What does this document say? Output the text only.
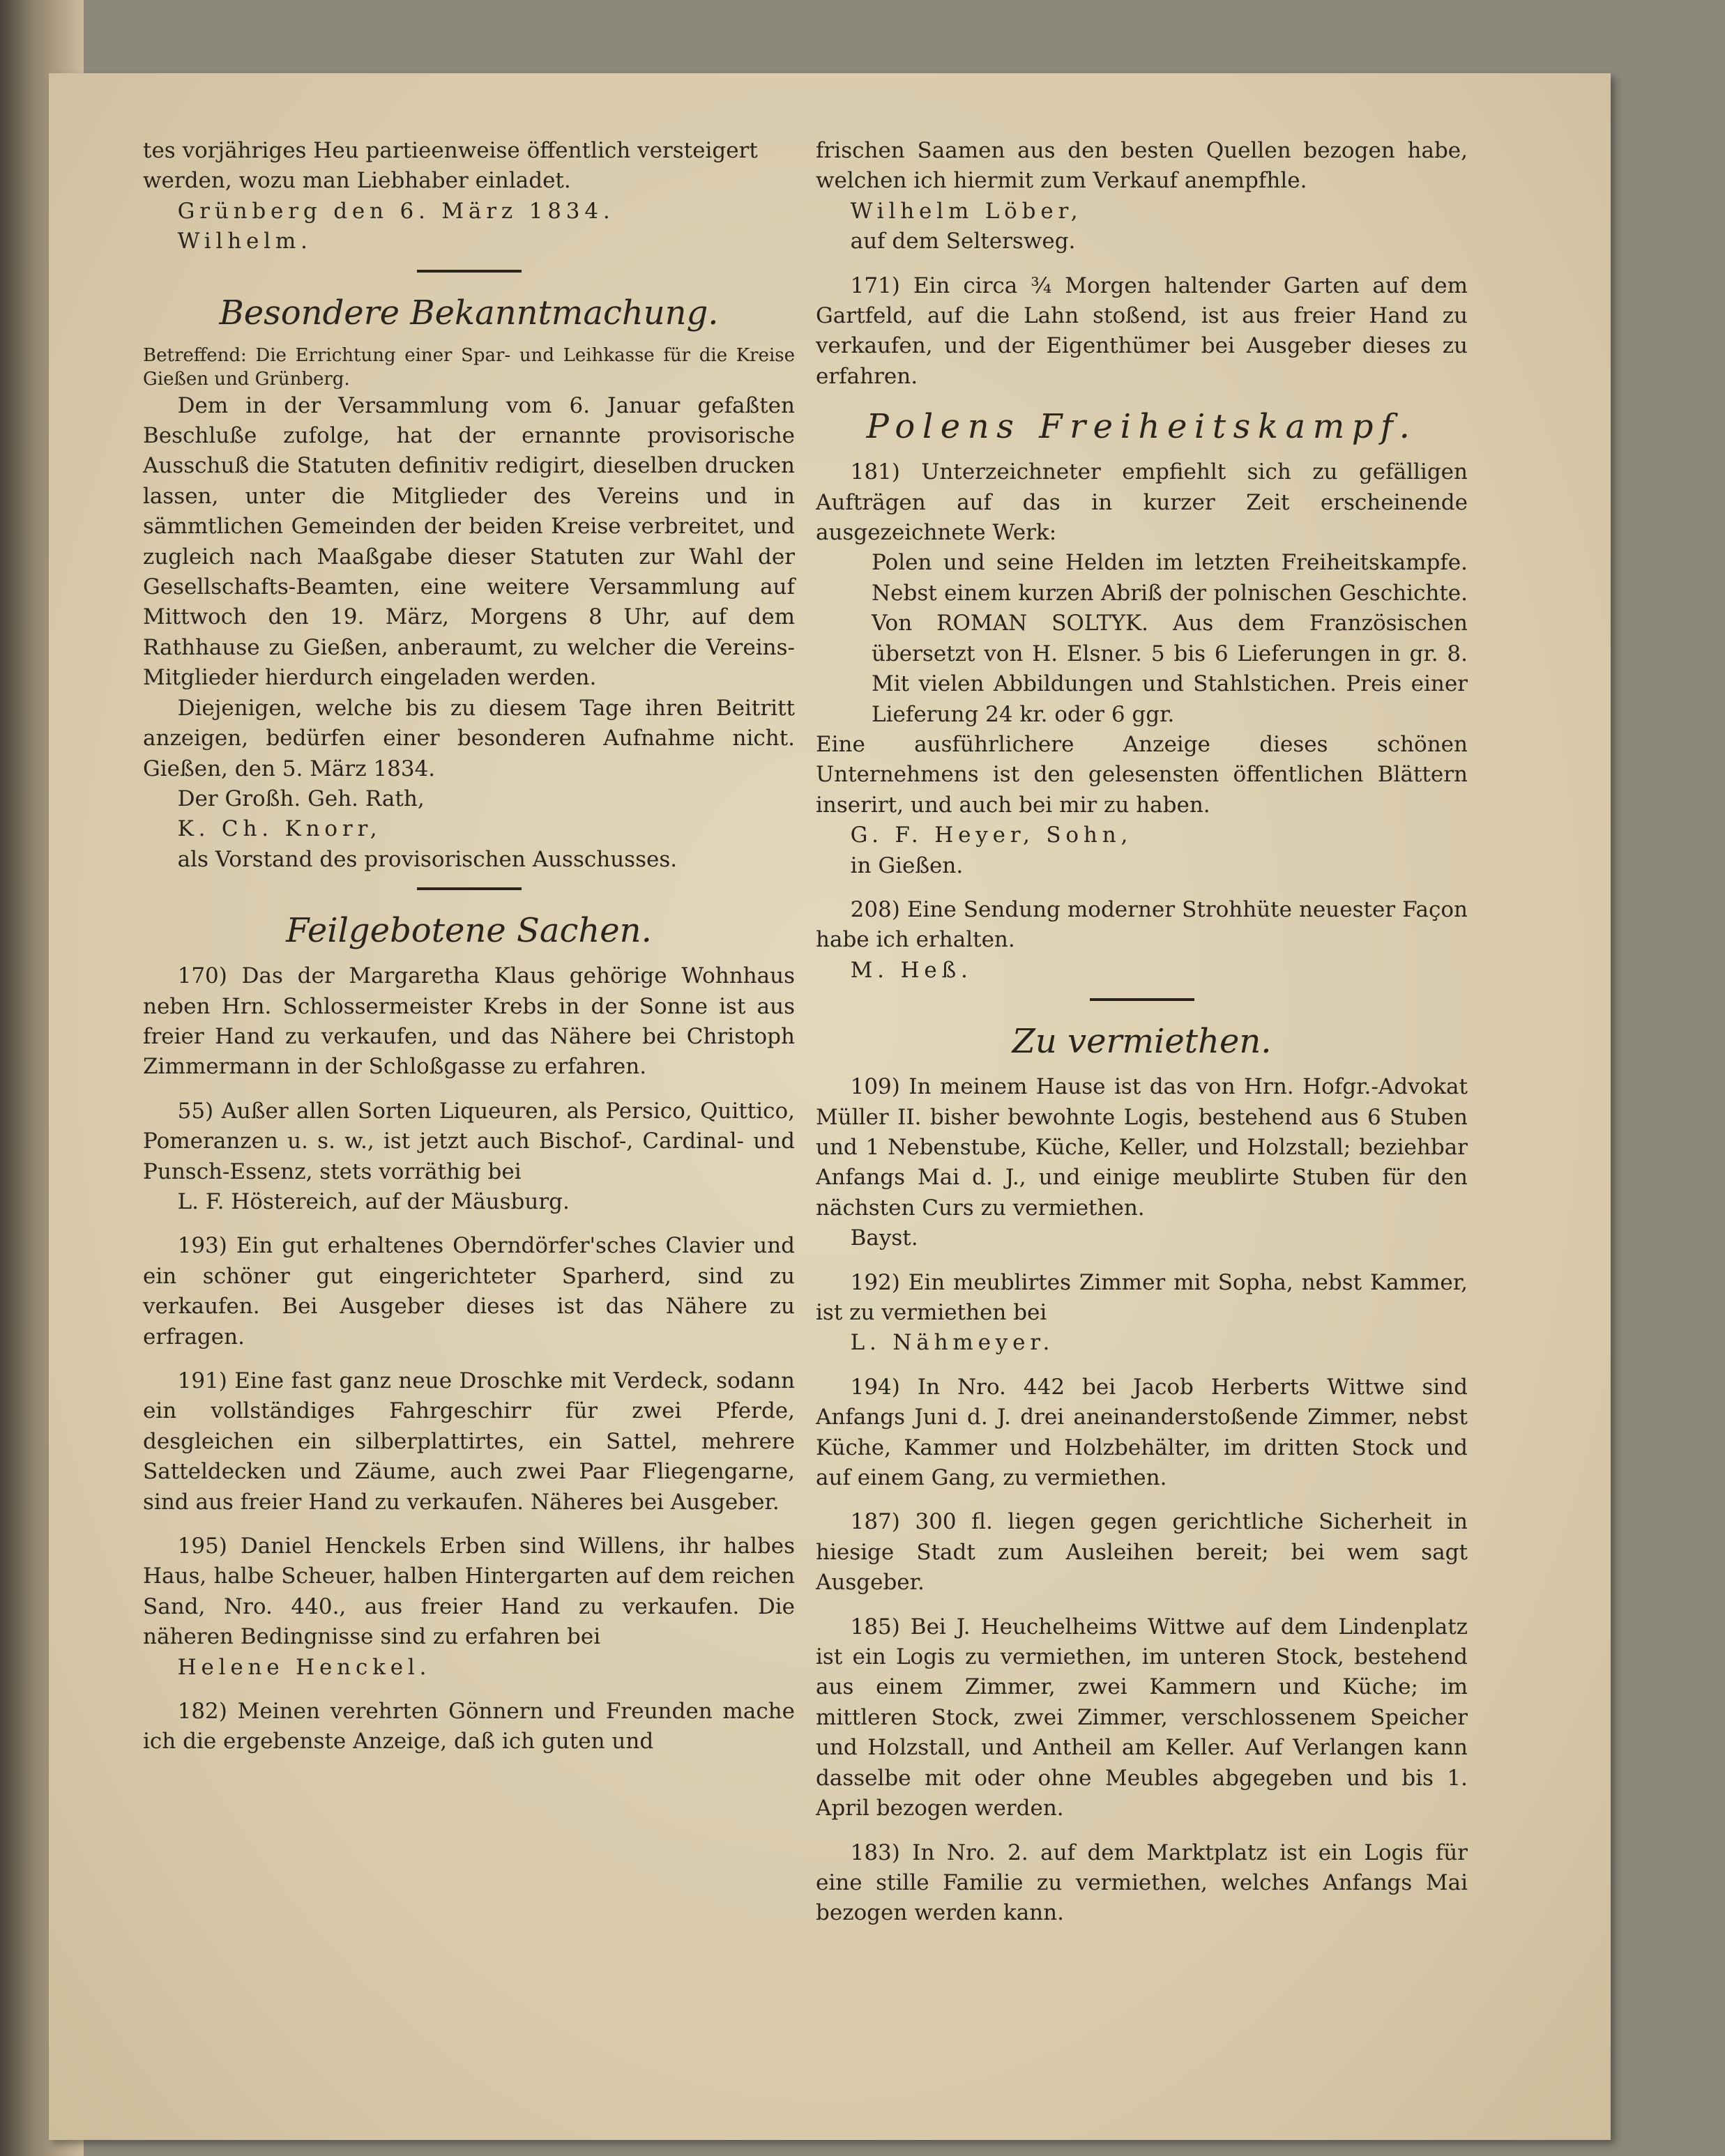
tes vorjähriges Heu partieenweise öffentlich versteigert

werden, wozu man Liebhaber einladet.

Grünberg den 6. März 1834.

Wilhelm.

Besondere Bekanntmachung.

Betreffend: Die Errichtung einer Spar- und Leihkasse für die Kreise Gießen und Grünberg.

Dem in der Versammlung vom 6. Januar gefaßten Beschluße zufolge, hat der ernannte provisorische Ausschuß die Statuten definitiv redigirt, dieselben drucken lassen, unter die Mitglieder des Vereins und in sämmtlichen Gemeinden der beiden Kreise verbreitet, und zugleich nach Maaßgabe dieser Statuten zur Wahl der Gesellschafts-Beamten, eine weitere Versammlung auf Mittwoch den 19. März, Morgens 8 Uhr, auf dem Rathhause zu Gießen, anberaumt, zu welcher die Vereins-Mitglieder hierdurch eingeladen werden.

Diejenigen, welche bis zu diesem Tage ihren Beitritt anzeigen, bedürfen einer besonderen Aufnahme nicht. Gießen, den 5. März 1834.

Der Großh. Geh. Rath,

K. Ch. Knorr,

als Vorstand des provisorischen Ausschusses.

Feilgebotene Sachen.

170) Das der Margaretha Klaus gehörige Wohnhaus neben Hrn. Schlossermeister Krebs in der Sonne ist aus freier Hand zu verkaufen, und das Nähere bei Christoph Zimmermann in der Schloßgasse zu erfahren.

55) Außer allen Sorten Liqueuren, als Persico, Quittico, Pomeranzen u. s. w., ist jetzt auch Bischof-, Cardinal- und Punsch-Essenz, stets vorräthig bei

L. F. Höstereich, auf der Mäusburg.

193) Ein gut erhaltenes Oberndörfer'sches Clavier und ein schöner gut eingerichteter Sparherd, sind zu verkaufen. Bei Ausgeber dieses ist das Nähere zu erfragen.

191) Eine fast ganz neue Droschke mit Verdeck, sodann ein vollständiges Fahrgeschirr für zwei Pferde, desgleichen ein silberplattirtes, ein Sattel, mehrere Satteldecken und Zäume, auch zwei Paar Fliegengarne, sind aus freier Hand zu verkaufen. Näheres bei Ausgeber.

195) Daniel Henckels Erben sind Willens, ihr halbes Haus, halbe Scheuer, halben Hintergarten auf dem reichen Sand, Nro. 440., aus freier Hand zu verkaufen. Die näheren Bedingnisse sind zu erfahren bei

Helene Henckel.

182) Meinen verehrten Gönnern und Freunden mache ich die ergebenste Anzeige, daß ich guten und

frischen Saamen aus den besten Quellen bezogen habe, welchen ich hiermit zum Verkauf anempfhle.

Wilhelm Löber,

auf dem Seltersweg.

171) Ein circa ¾ Morgen haltender Garten auf dem Gartfeld, auf die Lahn stoßend, ist aus freier Hand zu verkaufen, und der Eigenthümer bei Ausgeber dieses zu erfahren.

Polens Freiheitskampf.

181) Unterzeichneter empfiehlt sich zu gefälligen Aufträgen auf das in kurzer Zeit erscheinende ausgezeichnete Werk:

Polen und seine Helden im letzten Freiheitskampfe. Nebst einem kurzen Abriß der polnischen Geschichte. Von ROMAN SOLTYK. Aus dem Französischen übersetzt von H. Elsner. 5 bis 6 Lieferungen in gr. 8. Mit vielen Abbildungen und Stahlstichen. Preis einer Lieferung 24 kr. oder 6 ggr.

Eine ausführlichere Anzeige dieses schönen Unternehmens ist den gelesensten öffentlichen Blättern inserirt, und auch bei mir zu haben.

G. F. Heyer, Sohn,

in Gießen.

208) Eine Sendung moderner Strohhüte neuester Façon habe ich erhalten.

M. Heß.

Zu vermiethen.

109) In meinem Hause ist das von Hrn. Hofgr.-Advokat Müller II. bisher bewohnte Logis, bestehend aus 6 Stuben und 1 Nebenstube, Küche, Keller, und Holzstall; beziehbar Anfangs Mai d. J., und einige meublirte Stuben für den nächsten Curs zu vermiethen.

Bayst.

192) Ein meublirtes Zimmer mit Sopha, nebst Kammer, ist zu vermiethen bei

L. Nähmeyer.

194) In Nro. 442 bei Jacob Herberts Wittwe sind Anfangs Juni d. J. drei aneinanderstoßende Zimmer, nebst Küche, Kammer und Holzbehälter, im dritten Stock und auf einem Gang, zu vermiethen.

187) 300 fl. liegen gegen gerichtliche Sicherheit in hiesige Stadt zum Ausleihen bereit; bei wem sagt Ausgeber.

185) Bei J. Heuchelheims Wittwe auf dem Lindenplatz ist ein Logis zu vermiethen, im unteren Stock, bestehend aus einem Zimmer, zwei Kammern und Küche; im mittleren Stock, zwei Zimmer, verschlossenem Speicher und Holzstall, und Antheil am Keller. Auf Verlangen kann dasselbe mit oder ohne Meubles abgegeben und bis 1. April bezogen werden.

183) In Nro. 2. auf dem Marktplatz ist ein Logis für eine stille Familie zu vermiethen, welches Anfangs Mai bezogen werden kann.
